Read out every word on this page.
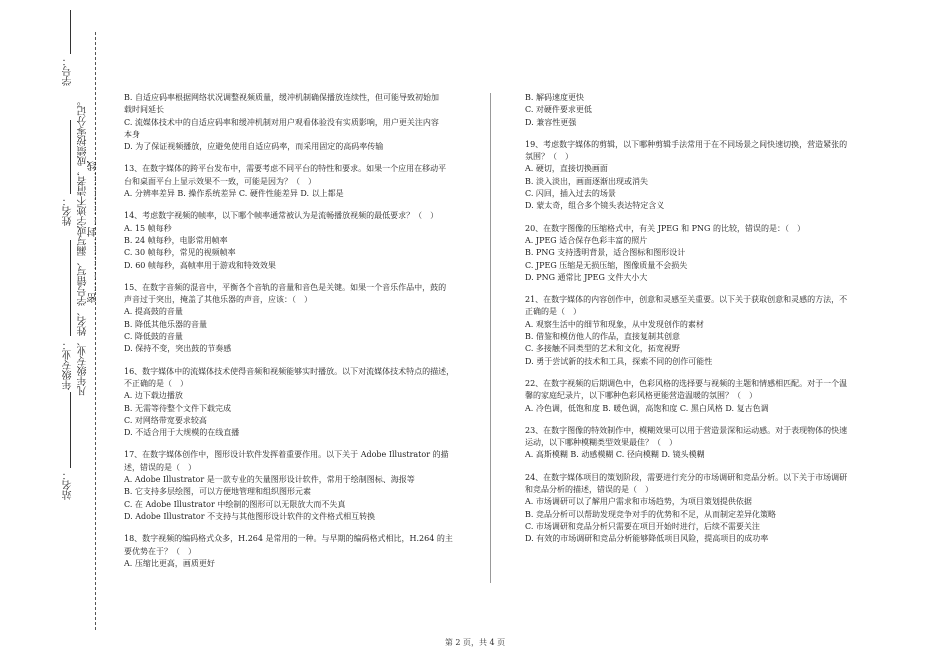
学号：
姓名：
年级专业：
站名：
凡年级专业、姓名、学号错写、漏写或字迹不清者，成绩按零分记。 密……………封……………线
B. 自适应码率根据网络状况调整视频质量，缓冲机制确保播放连续性，但可能导致初始加
载时间延长
C. 流媒体技术中的自适应码率和缓冲机制对用户观看体验没有实质影响，用户更关注内容
本身
D. 为了保证视频播放，应避免使用自适应码率，而采用固定的高码率传输
13、在数字媒体的跨平台发布中，需要考虑不同平台的特性和要求。如果一个应用在移动平
台和桌面平台上显示效果不一致，可能是因为？（　）
A. 分辨率差异 B. 操作系统差异 C. 硬件性能差异 D. 以上都是
14、考虑数字视频的帧率，以下哪个帧率通常被认为是流畅播放视频的最低要求？（　）
A. 15 帧每秒
B. 24 帧每秒，电影常用帧率
C. 30 帧每秒，常见的视频帧率
D. 60 帧每秒，高帧率用于游戏和特效效果
15、在数字音频的混音中，平衡各个音轨的音量和音色是关键。如果一个音乐作品中，鼓的
声音过于突出，掩盖了其他乐器的声音，应该：（　）
A. 提高鼓的音量
B. 降低其他乐器的音量
C. 降低鼓的音量
D. 保持不变，突出鼓的节奏感
16、数字媒体中的流媒体技术使得音频和视频能够实时播放。以下对流媒体技术特点的描述，
不正确的是（　）
A. 边下载边播放
B. 无需等待整个文件下载完成
C. 对网络带宽要求较高
D. 不适合用于大规模的在线直播
17、在数字媒体创作中，图形设计软件发挥着重要作用。以下关于 Adobe Illustrator 的描
述，错误的是（　）
A. Adobe Illustrator 是一款专业的矢量图形设计软件，常用于绘制图标、海报等
B. 它支持多层绘图，可以方便地管理和组织图形元素
C. 在 Adobe Illustrator 中绘制的图形可以无限放大而不失真
D. Adobe Illustrator 不支持与其他图形设计软件的文件格式相互转换
18、数字视频的编码格式众多，H.264 是常用的一种。与早期的编码格式相比，H.264 的主
要优势在于？（　）
A. 压缩比更高，画质更好
B. 解码速度更快
C. 对硬件要求更低
D. 兼容性更强
19、考虑数字媒体的剪辑，以下哪种剪辑手法常用于在不同场景之间快速切换，营造紧张的
氛围？（　）
A. 硬切，直接切换画面
B. 淡入淡出，画面逐渐出现或消失
C. 闪回，插入过去的场景
D. 蒙太奇，组合多个镜头表达特定含义
20、在数字图像的压缩格式中，有关 JPEG 和 PNG 的比较，错误的是：（　）
A. JPEG 适合保存色彩丰富的照片
B. PNG 支持透明背景，适合图标和图形设计
C. JPEG 压缩是无损压缩，图像质量不会损失
D. PNG 通常比 JPEG 文件大小大
21、在数字媒体的内容创作中，创意和灵感至关重要。以下关于获取创意和灵感的方法，不
正确的是（　）
A. 观察生活中的细节和现象，从中发现创作的素材
B. 借鉴和模仿他人的作品，直接复制其创意
C. 多接触不同类型的艺术和文化，拓宽视野
D. 勇于尝试新的技术和工具，探索不同的创作可能性
22、在数字视频的后期调色中，色彩风格的选择要与视频的主题和情感相匹配。对于一个温
馨的家庭纪录片，以下哪种色彩风格更能营造温暖的氛围？（　）
A. 冷色调，低饱和度 B. 暖色调，高饱和度 C. 黑白风格 D. 复古色调
23、在数字图像的特效制作中，模糊效果可以用于营造景深和运动感。对于表现物体的快速
运动，以下哪种模糊类型效果最佳？（　）
A. 高斯模糊 B. 动感模糊 C. 径向模糊 D. 镜头模糊
24、在数字媒体项目的策划阶段，需要进行充分的市场调研和竞品分析。以下关于市场调研
和竞品分析的描述，错误的是（　）
A. 市场调研可以了解用户需求和市场趋势，为项目策划提供依据
B. 竞品分析可以帮助发现竞争对手的优势和不足，从而制定差异化策略
C. 市场调研和竞品分析只需要在项目开始时进行，后续不需要关注
D. 有效的市场调研和竞品分析能够降低项目风险，提高项目的成功率
第 2 页，共 4 页
